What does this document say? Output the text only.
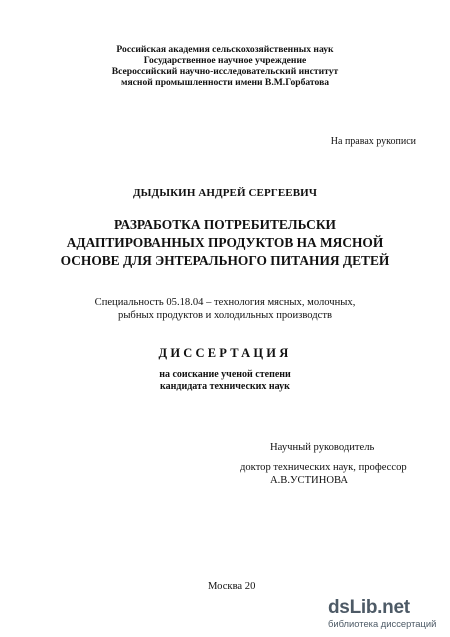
Российская академия сельскохозяйственных наук
Государственное научное учреждение
Всероссийский научно-исследовательский институт
мясной промышленности имени В.М.Горбатова
На правах рукописи
ДЫДЫКИН АНДРЕЙ СЕРГЕЕВИЧ
РАЗРАБОТКА ПОТРЕБИТЕЛЬСКИ
АДАПТИРОВАННЫХ ПРОДУКТОВ НА МЯСНОЙ
ОСНОВЕ ДЛЯ ЭНТЕРАЛЬНОГО ПИТАНИЯ ДЕТЕЙ
Специальность 05.18.04 – технология мясных, молочных,
рыбных продуктов и холодильных производств
ДИССЕРТАЦИЯ
на соискание ученой степени
кандидата технических наук
Научный руководитель
доктор технических наук, профессор
А.В.УСТИНОВА
Москва 20
dsLib.net
библиотека диссертаций
